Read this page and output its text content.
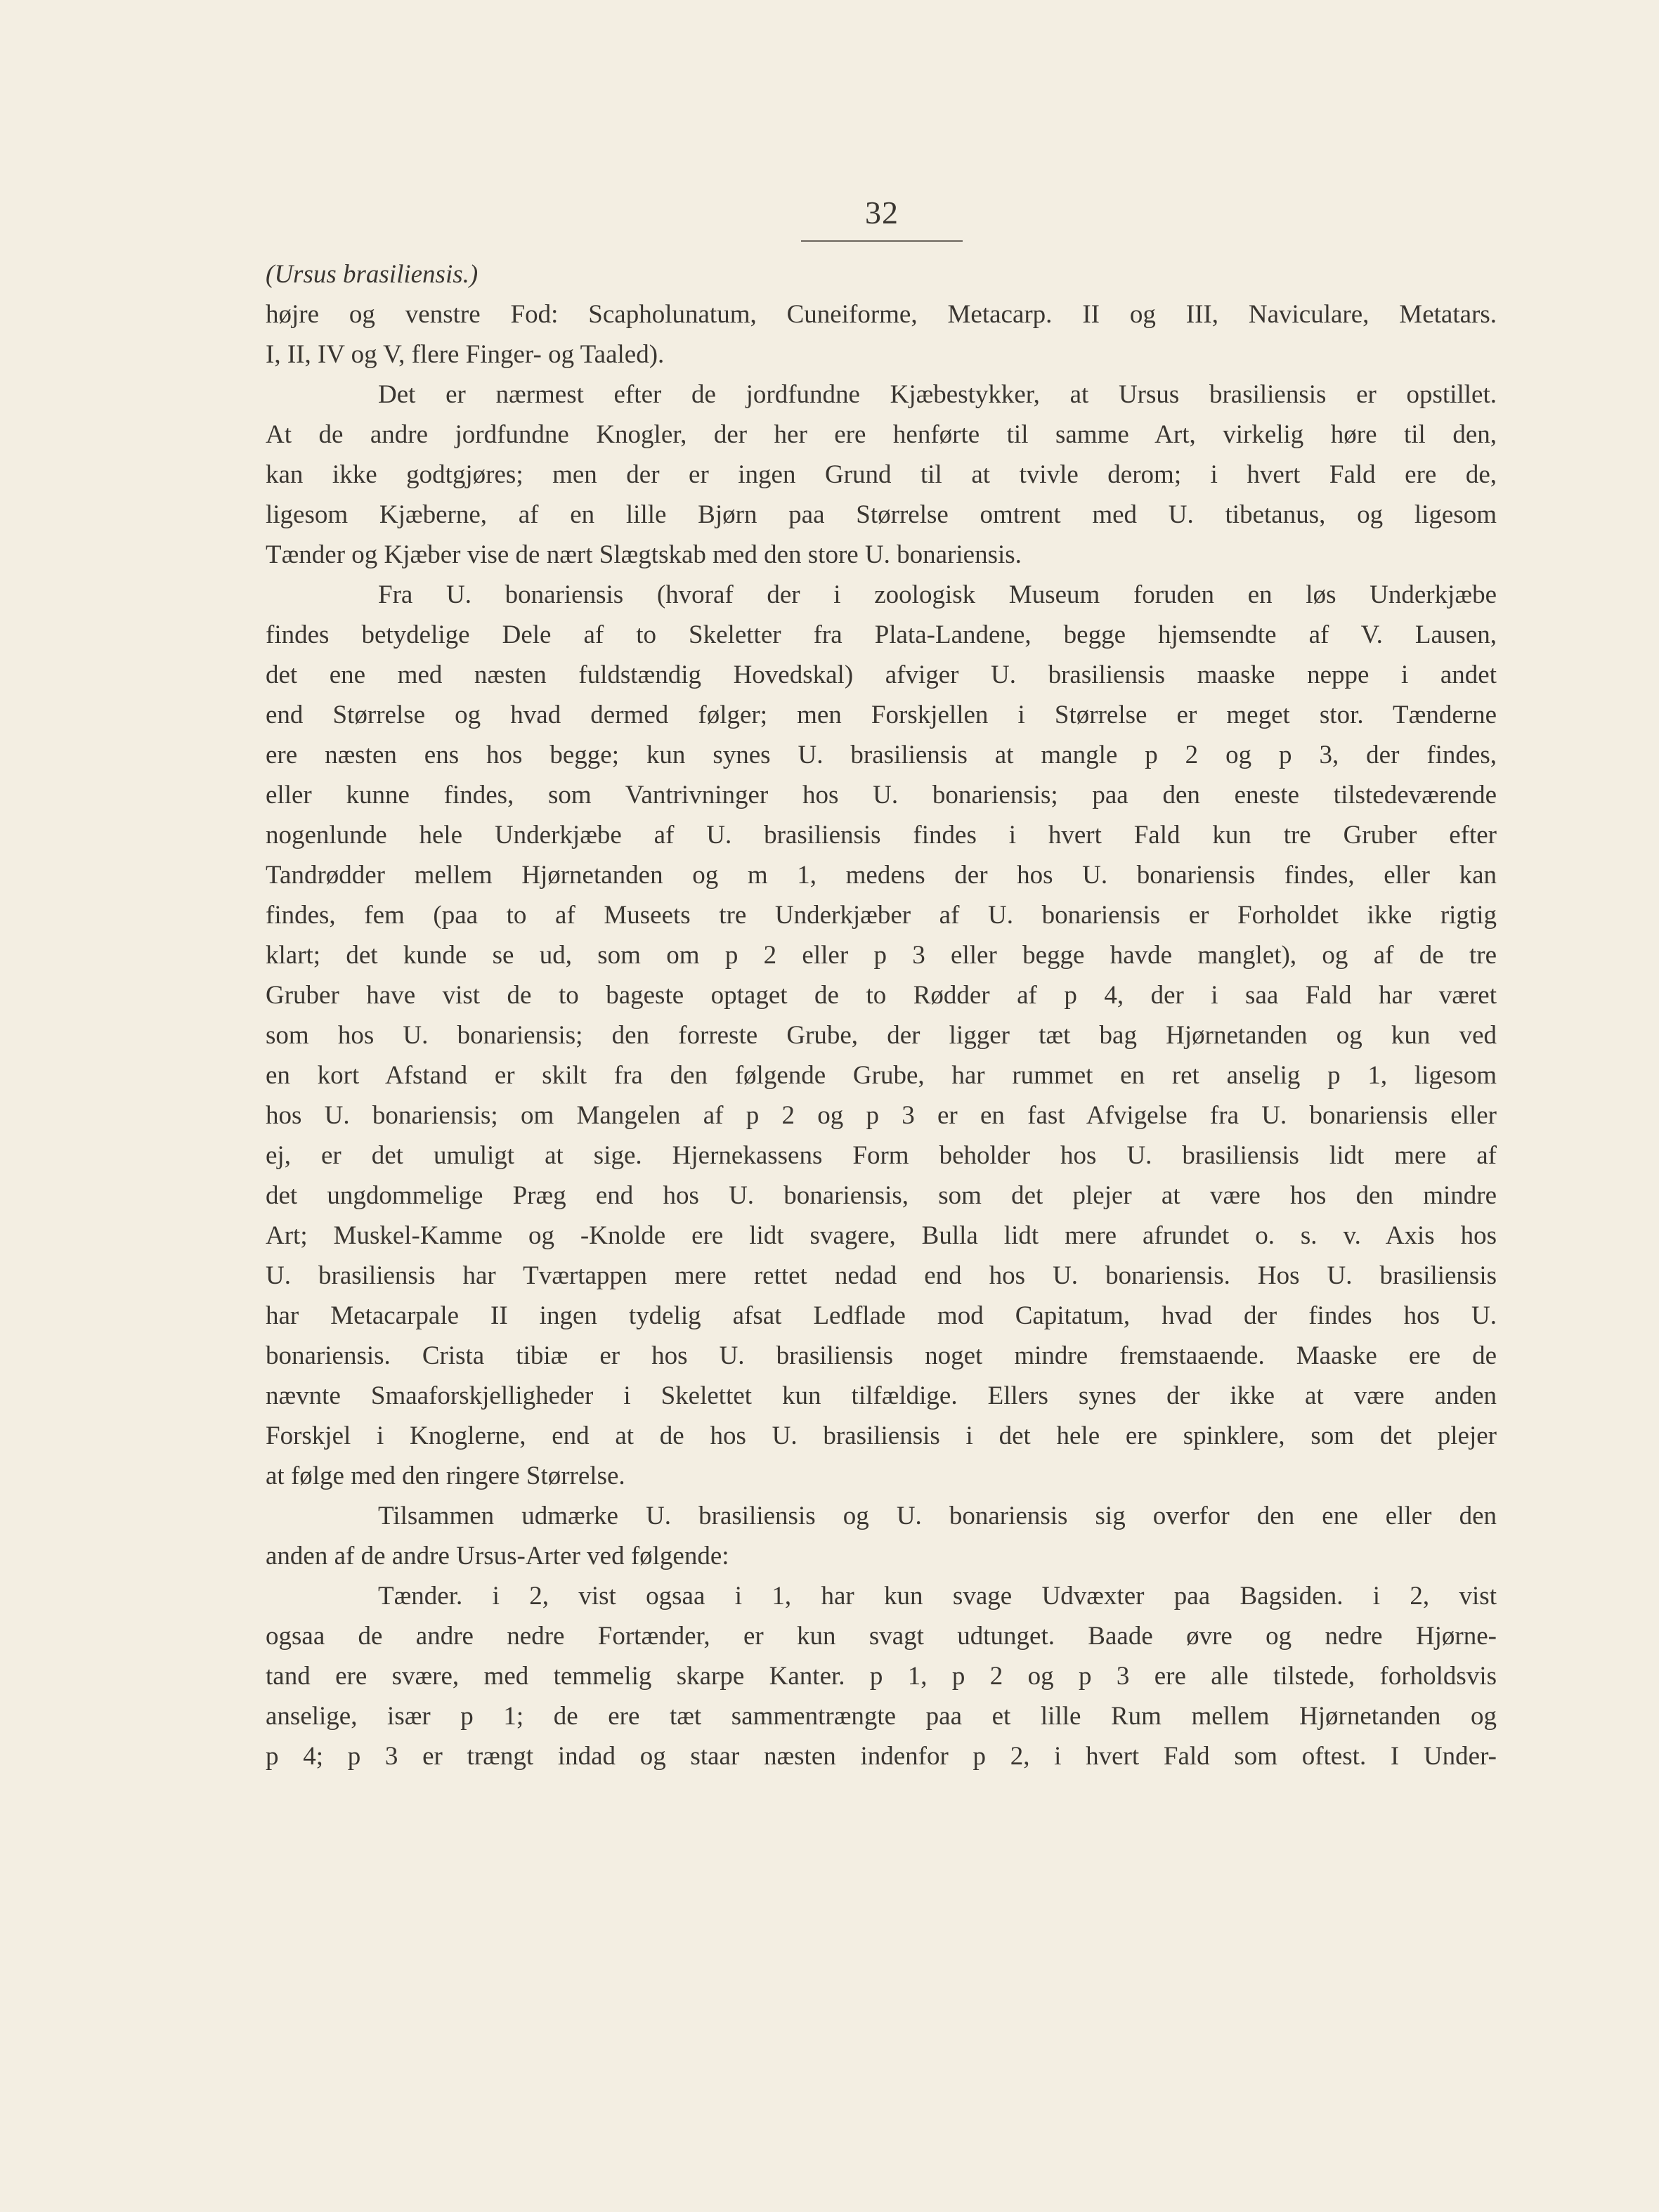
32
(Ursus brasiliensis.)
højre og venstre Fod: Scapholunatum, Cuneiforme, Metacarp. II og III, Naviculare, Metatars.
I, II, IV og V, flere Finger- og Taaled).
Det er nærmest efter de jordfundne Kjæbestykker, at Ursus brasiliensis er opstillet.
At de andre jordfundne Knogler, der her ere henførte til samme Art, virkelig høre til den,
kan ikke godtgjøres; men der er ingen Grund til at tvivle derom; i hvert Fald ere de,
ligesom Kjæberne, af en lille Bjørn paa Størrelse omtrent med U. tibetanus, og ligesom
Tænder og Kjæber vise de nært Slægtskab med den store U. bonariensis.
Fra U. bonariensis (hvoraf der i zoologisk Museum foruden en løs Underkjæbe
findes betydelige Dele af to Skeletter fra Plata-Landene, begge hjemsendte af V. Lausen,
det ene med næsten fuldstændig Hovedskal) afviger U. brasiliensis maaske neppe i andet
end Størrelse og hvad dermed følger; men Forskjellen i Størrelse er meget stor. Tænderne
ere næsten ens hos begge; kun synes U. brasiliensis at mangle p 2 og p 3, der findes,
eller kunne findes, som Vantrivninger hos U. bonariensis; paa den eneste tilstedeværende
nogenlunde hele Underkjæbe af U. brasiliensis findes i hvert Fald kun tre Gruber efter
Tandrødder mellem Hjørnetanden og m 1, medens der hos U. bonariensis findes, eller kan
findes, fem (paa to af Museets tre Underkjæber af U. bonariensis er Forholdet ikke rigtig
klart; det kunde se ud, som om p 2 eller p 3 eller begge havde manglet), og af de tre
Gruber have vist de to bageste optaget de to Rødder af p 4, der i saa Fald har været
som hos U. bonariensis; den forreste Grube, der ligger tæt bag Hjørnetanden og kun ved
en kort Afstand er skilt fra den følgende Grube, har rummet en ret anselig p 1, ligesom
hos U. bonariensis; om Mangelen af p 2 og p 3 er en fast Afvigelse fra U. bonariensis eller
ej, er det umuligt at sige. Hjernekassens Form beholder hos U. brasiliensis lidt mere af
det ungdommelige Præg end hos U. bonariensis, som det plejer at være hos den mindre
Art; Muskel-Kamme og -Knolde ere lidt svagere, Bulla lidt mere afrundet o. s. v. Axis hos
U. brasiliensis har Tværtappen mere rettet nedad end hos U. bonariensis. Hos U. brasiliensis
har Metacarpale II ingen tydelig afsat Ledflade mod Capitatum, hvad der findes hos U.
bonariensis. Crista tibiæ er hos U. brasiliensis noget mindre fremstaaende. Maaske ere de
nævnte Smaaforskjelligheder i Skelettet kun tilfældige. Ellers synes der ikke at være anden
Forskjel i Knoglerne, end at de hos U. brasiliensis i det hele ere spinklere, som det plejer
at følge med den ringere Størrelse.
Tilsammen udmærke U. brasiliensis og U. bonariensis sig overfor den ene eller den
anden af de andre Ursus-Arter ved følgende:
Tænder. i 2, vist ogsaa i 1, har kun svage Udvæxter paa Bagsiden. i 2, vist
ogsaa de andre nedre Fortænder, er kun svagt udtunget. Baade øvre og nedre Hjørne-
tand ere svære, med temmelig skarpe Kanter. p 1, p 2 og p 3 ere alle tilstede, forholdsvis
anselige, især p 1; de ere tæt sammentrængte paa et lille Rum mellem Hjørnetanden og
p 4; p 3 er trængt indad og staar næsten indenfor p 2, i hvert Fald som oftest. I Under-
